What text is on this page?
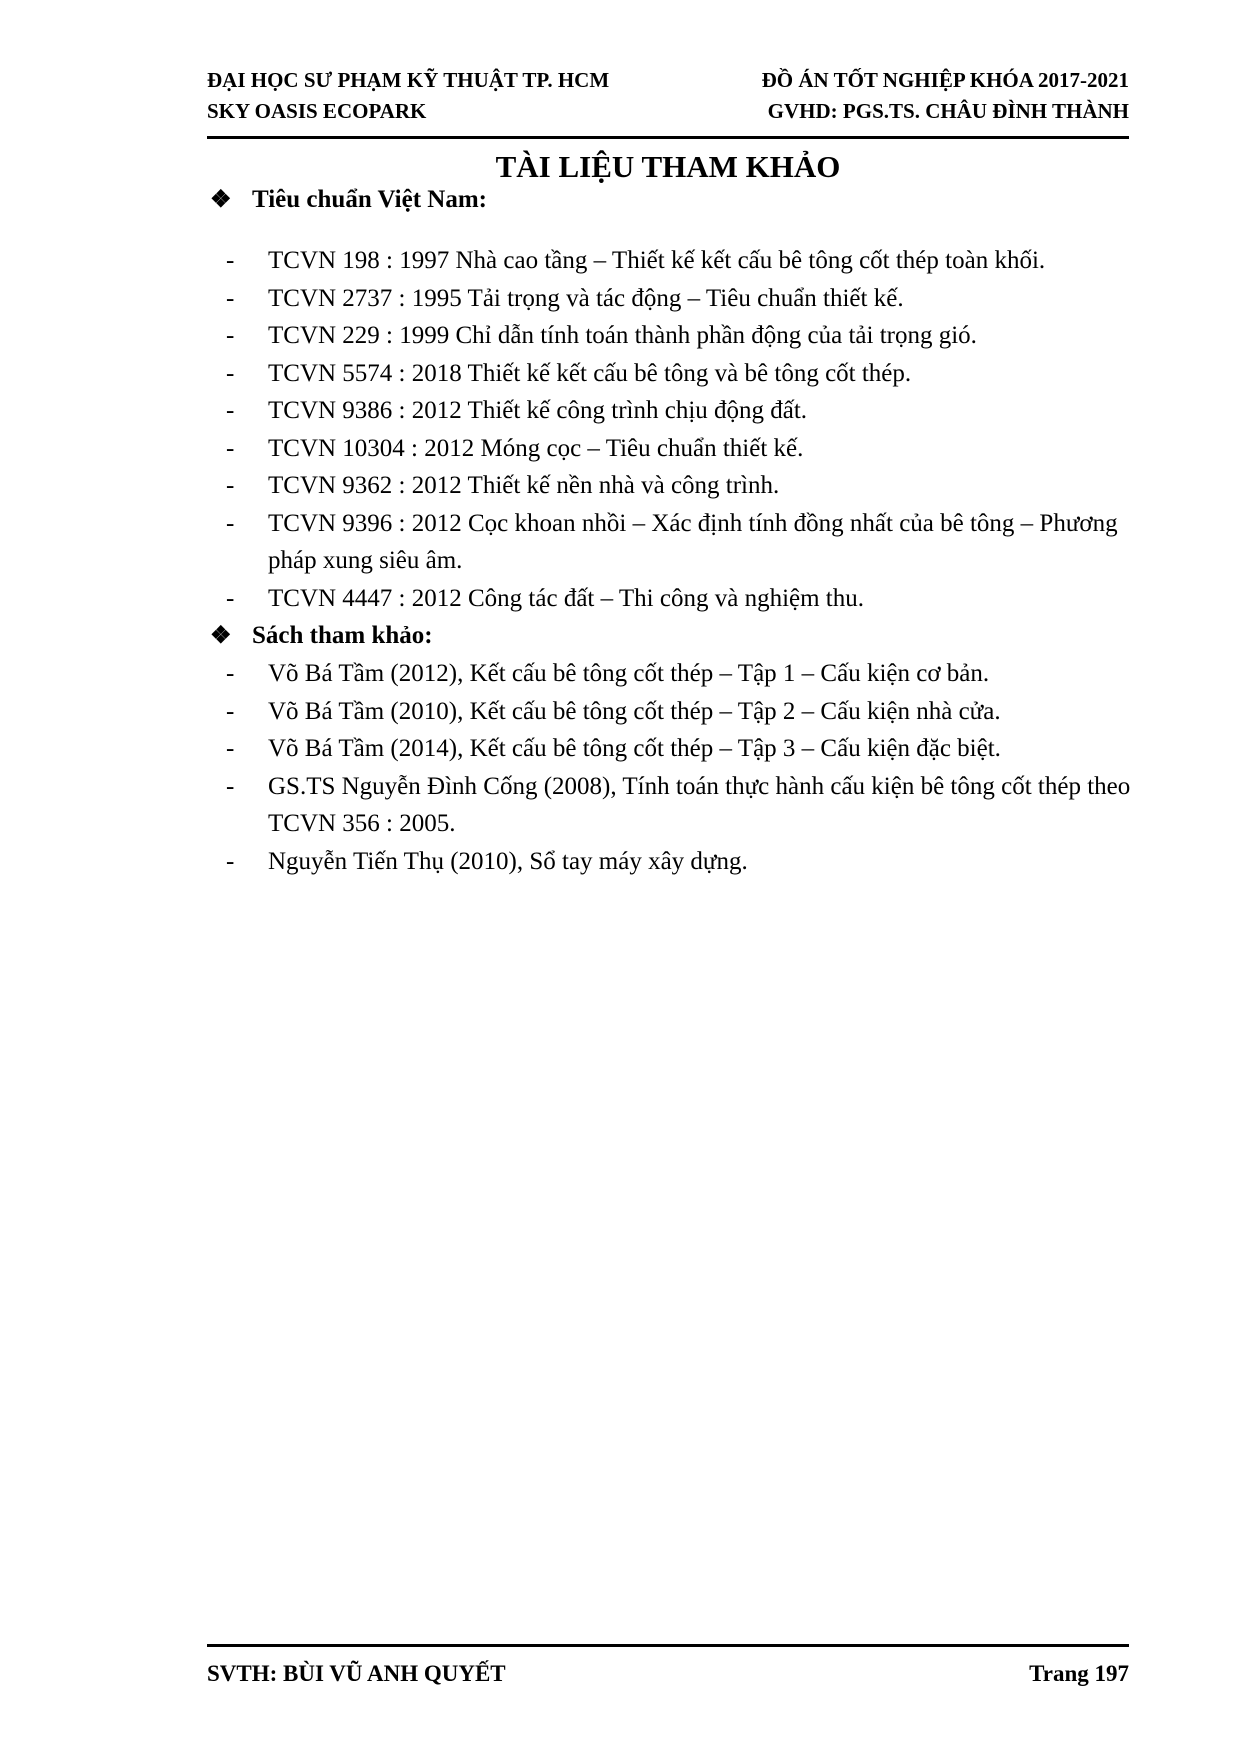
ĐẠI HỌC SƯ PHẠM KỸ THUẬT TP. HCM
SKY OASIS ECOPARK
ĐỒ ÁN TỐT NGHIỆP KHÓA 2017-2021
GVHD: PGS.TS. CHÂU ĐÌNH THÀNH
TÀI LIỆU THAM KHẢO
❖ Tiêu chuẩn Việt Nam:
-	TCVN 198 : 1997 Nhà cao tầng – Thiết kế kết cấu bê tông cốt thép toàn khối.
-	TCVN 2737 : 1995 Tải trọng và tác động – Tiêu chuẩn thiết kế.
-	TCVN 229 : 1999 Chỉ dẫn tính toán thành phần động của tải trọng gió.
-	TCVN 5574 : 2018 Thiết kế kết cấu bê tông và bê tông cốt thép.
-	TCVN 9386 : 2012 Thiết kế công trình chịu động đất.
-	TCVN 10304 : 2012 Móng cọc – Tiêu chuẩn thiết kế.
-	TCVN 9362 : 2012 Thiết kế nền nhà và công trình.
-	TCVN 9396 : 2012 Cọc khoan nhồi – Xác định tính đồng nhất của bê tông – Phương pháp xung siêu âm.
-	TCVN 4447 : 2012 Công tác đất – Thi công và nghiệm thu.
❖ Sách tham khảo:
-	Võ Bá Tầm (2012), Kết cấu bê tông cốt thép – Tập 1 – Cấu kiện cơ bản.
-	Võ Bá Tầm (2010), Kết cấu bê tông cốt thép – Tập 2 – Cấu kiện nhà cửa.
-	Võ Bá Tầm (2014), Kết cấu bê tông cốt thép – Tập 3 – Cấu kiện đặc biệt.
-	GS.TS Nguyễn Đình Cống (2008), Tính toán thực hành cấu kiện bê tông cốt thép theo TCVN 356 : 2005.
-	Nguyễn Tiến Thụ (2010), Sổ tay máy xây dựng.
SVTH: BÙI VŨ ANH QUYẾT	Trang 197
